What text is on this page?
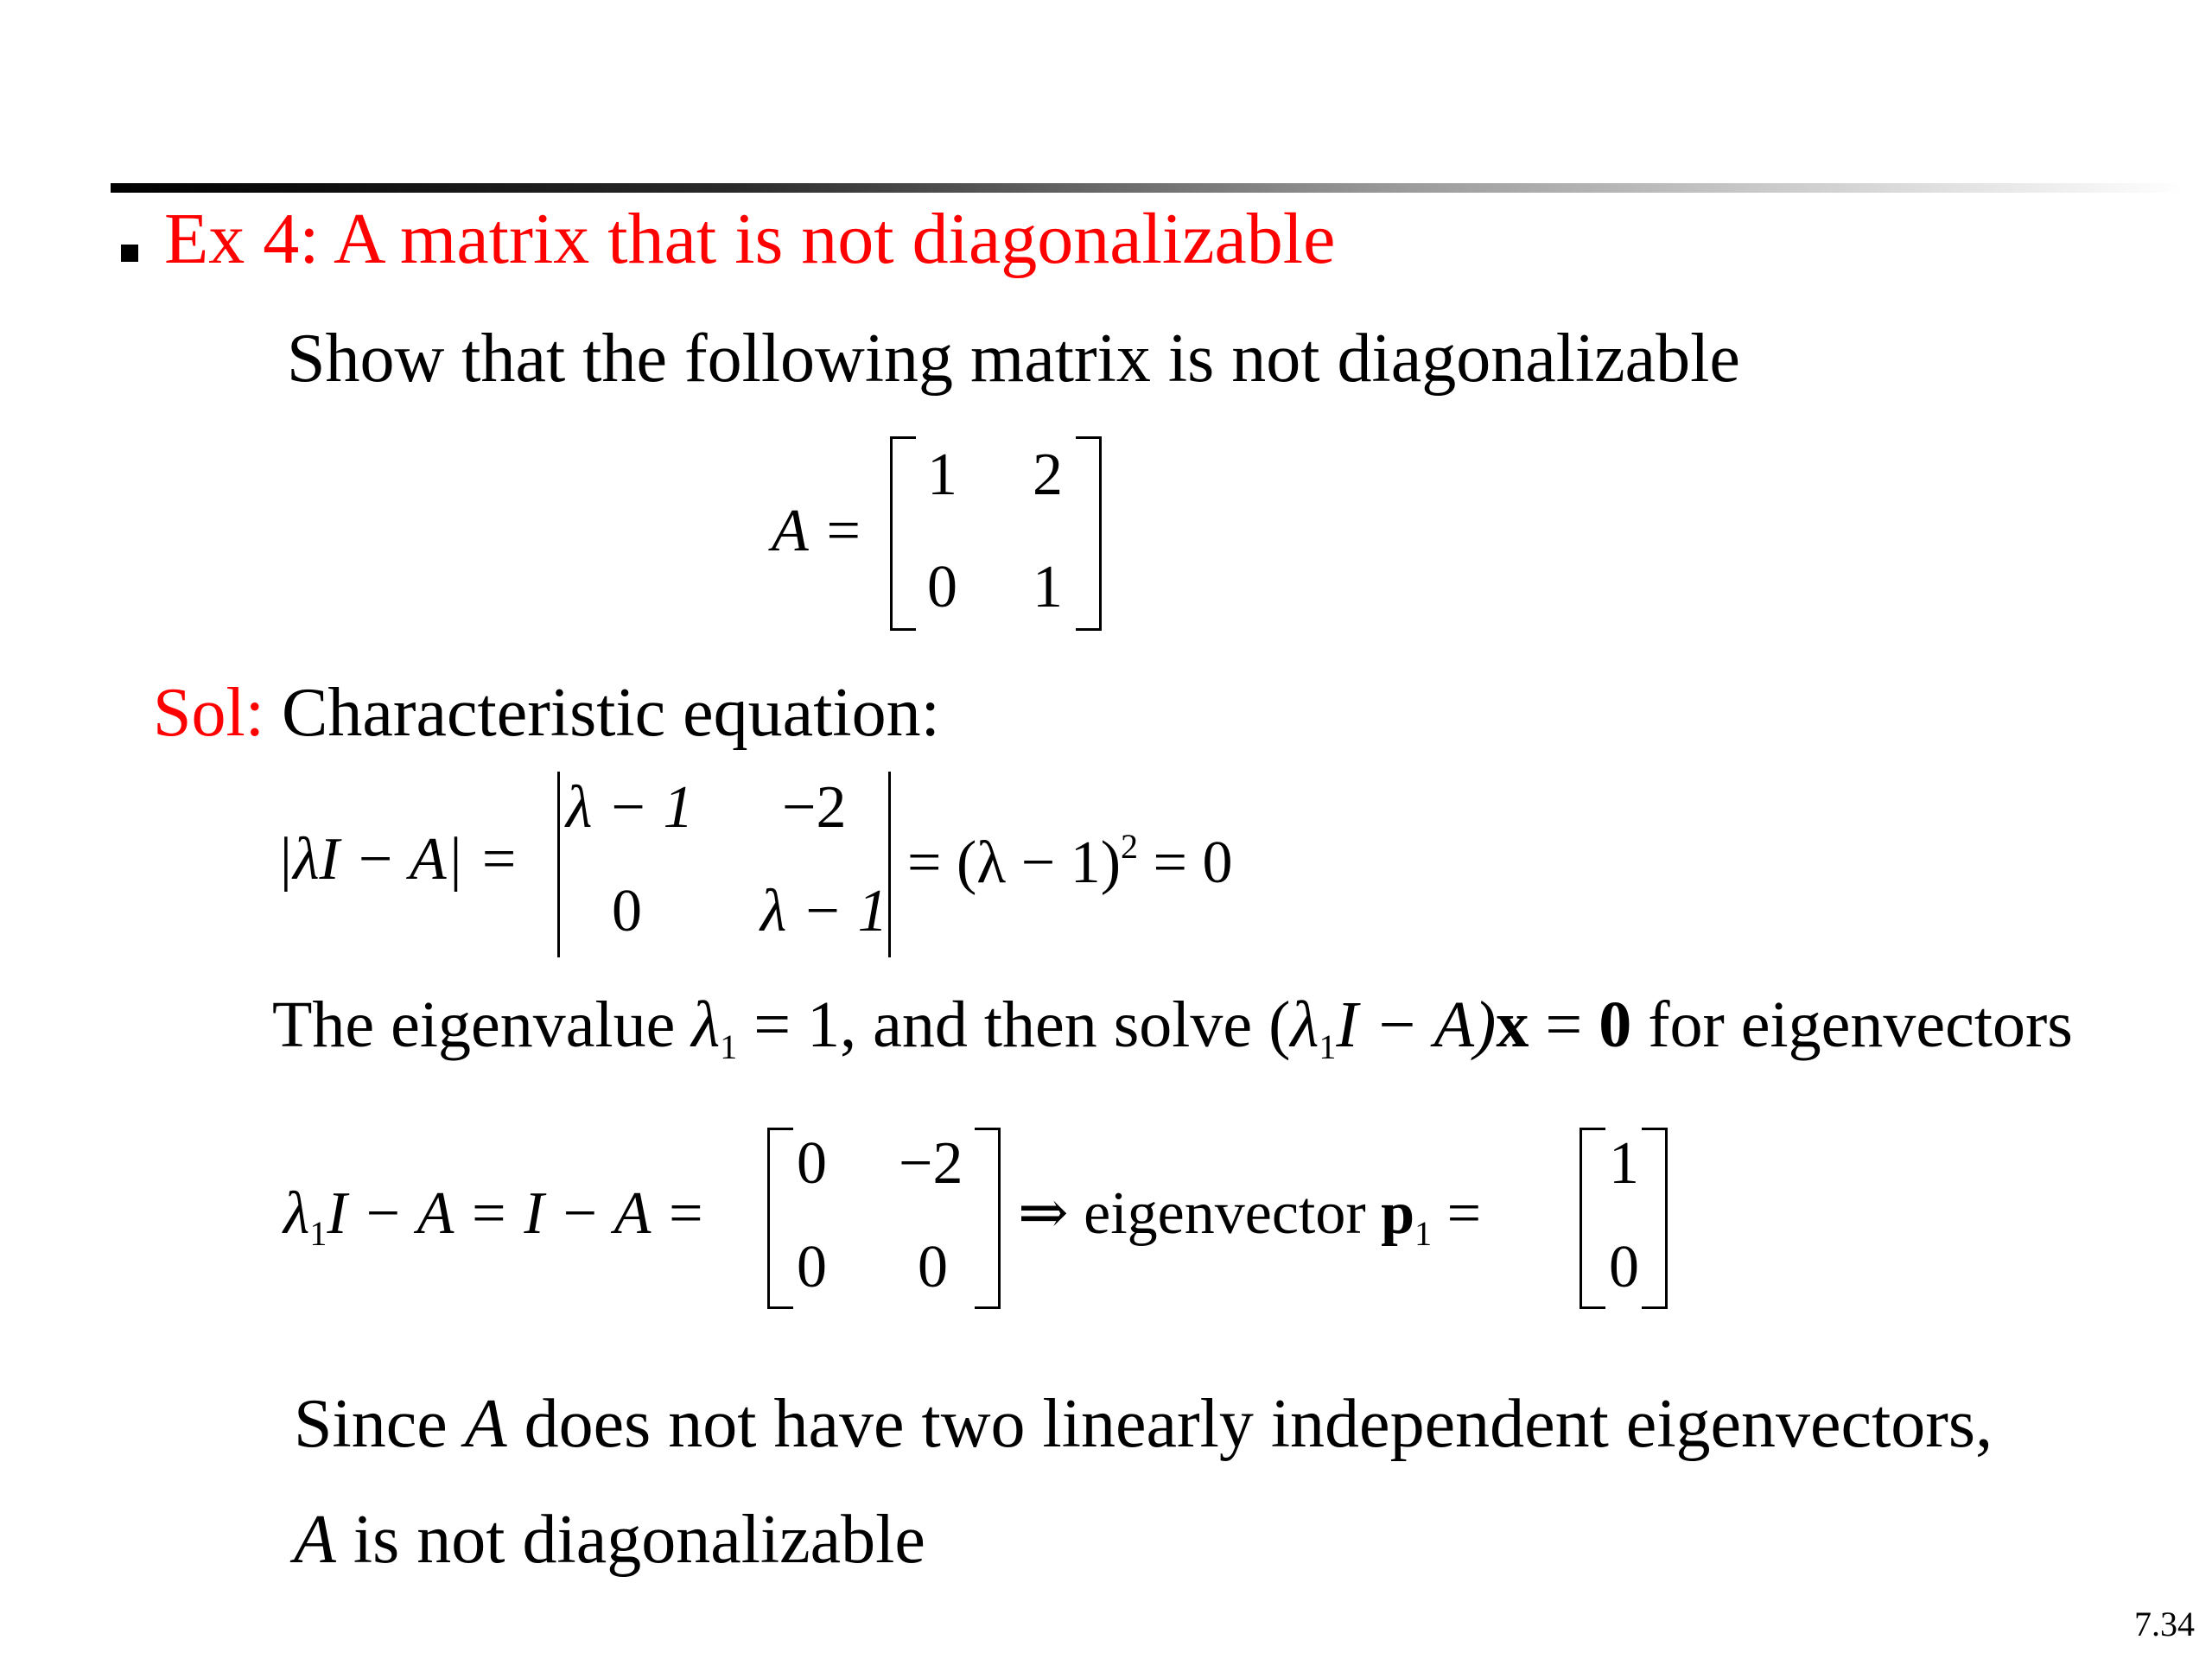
Ex 4: A matrix that is not diagonalizable
Show that the following matrix is not diagonalizable
A =
1 2
0 1
Sol: Characteristic equation:
|λI − A| =
λ − 1 −2
0 λ − 1
= $(\lambda - 1)^2 = 0$
The eigenvalue $\lambda_1 = 1$, and then solve $(\lambda_1I - A)x = 0$ for eigenvectors
$\lambda_1I - A = I - A$ =
0 −2
0 0
⇒ eigenvector $p_1$ =
1
0
Since A does not have two linearly independent eigenvectors,
A is not diagonalizable
7.34
